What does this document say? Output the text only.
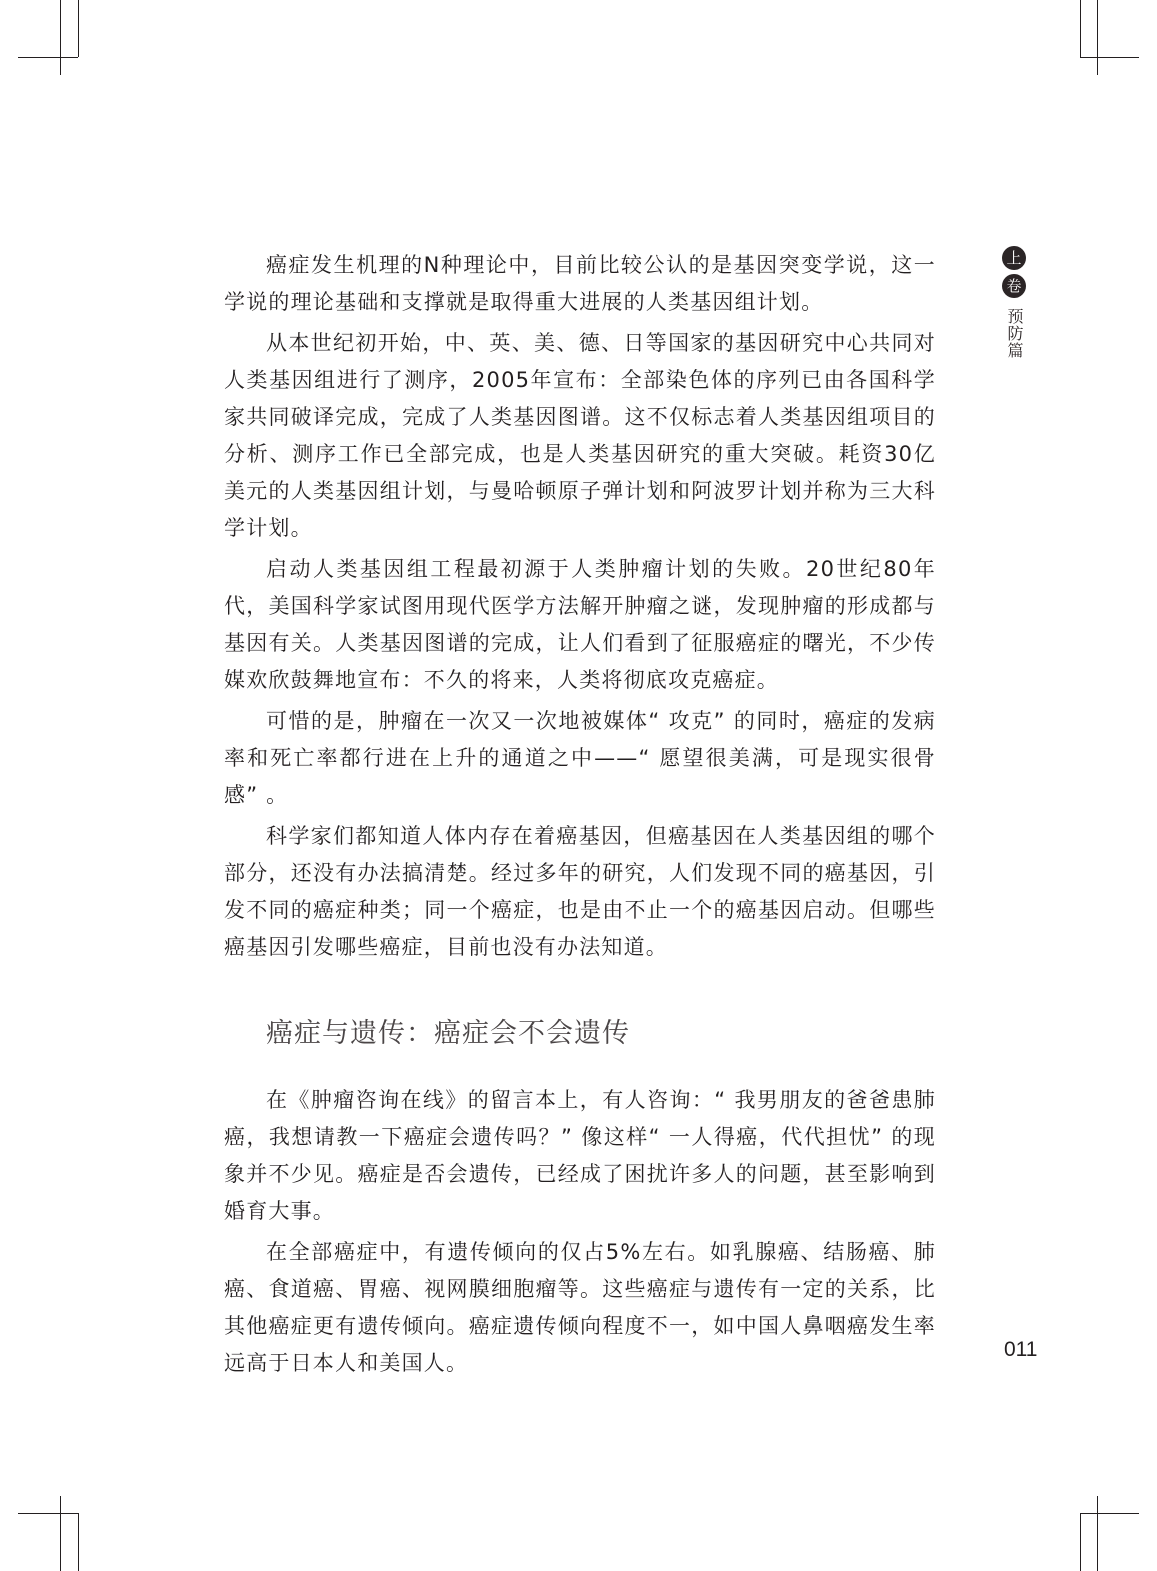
上
卷
预防篇

癌症发生机理的N种理论中，目前比较公认的是基因突变学说，这一学说的理论基础和支撑就是取得重大进展的人类基因组计划。

从本世纪初开始，中、英、美、德、日等国家的基因研究中心共同对人类基因组进行了测序，2005年宣布：全部染色体的序列已由各国科学家共同破译完成，完成了人类基因图谱。这不仅标志着人类基因组项目的分析、测序工作已全部完成，也是人类基因研究的重大突破。耗资30亿美元的人类基因组计划，与曼哈顿原子弹计划和阿波罗计划并称为三大科学计划。

启动人类基因组工程最初源于人类肿瘤计划的失败。20世纪80年代，美国科学家试图用现代医学方法解开肿瘤之谜，发现肿瘤的形成都与基因有关。人类基因图谱的完成，让人们看到了征服癌症的曙光，不少传媒欢欣鼓舞地宣布：不久的将来，人类将彻底攻克癌症。

可惜的是，肿瘤在一次又一次地被媒体“ 攻克” 的同时，癌症的发病率和死亡率都行进在上升的通道之中——“ 愿望很美满，可是现实很骨感” 。

科学家们都知道人体内存在着癌基因，但癌基因在人类基因组的哪个部分，还没有办法搞清楚。经过多年的研究，人们发现不同的癌基因，引发不同的癌症种类；同一个癌症，也是由不止一个的癌基因启动。但哪些癌基因引发哪些癌症，目前也没有办法知道。

癌症与遗传：癌症会不会遗传

在《肿瘤咨询在线》的留言本上，有人咨询：“ 我男朋友的爸爸患肺癌，我想请教一下癌症会遗传吗？” 像这样“ 一人得癌，代代担忧” 的现象并不少见。癌症是否会遗传，已经成了困扰许多人的问题，甚至影响到婚育大事。

在全部癌症中，有遗传倾向的仅占5%左右。如乳腺癌、结肠癌、肺癌、食道癌、胃癌、视网膜细胞瘤等。这些癌症与遗传有一定的关系，比其他癌症更有遗传倾向。癌症遗传倾向程度不一，如中国人鼻咽癌发生率远高于日本人和美国人。

011
